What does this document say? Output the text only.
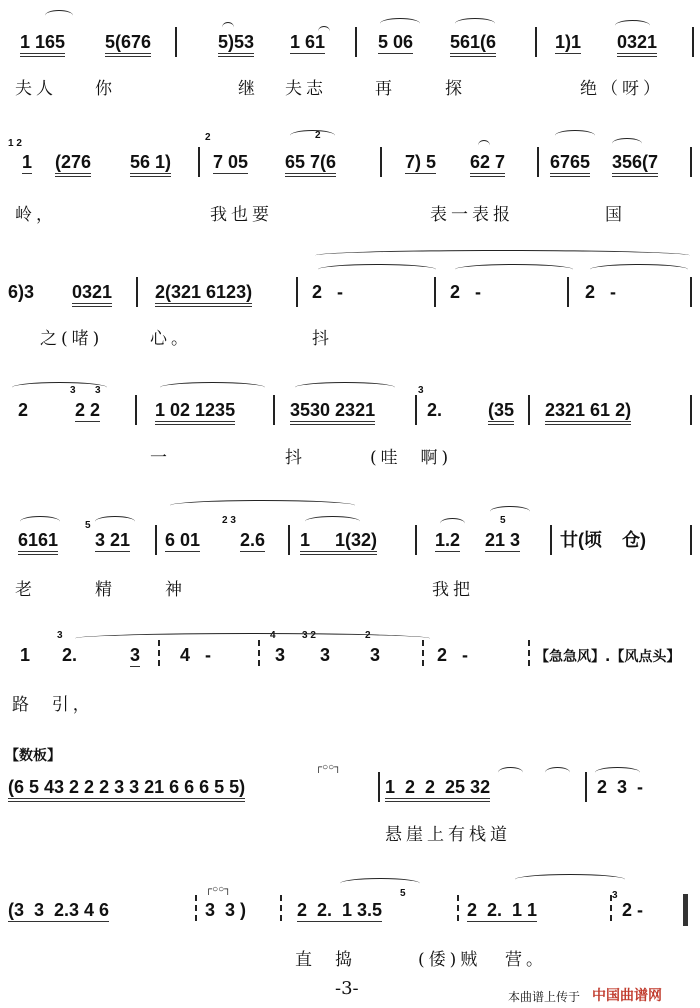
1 165 5(676	5)53 1 61	5 06 561(6	1)1 0321
夫人 你	继 夫志	再	探	绝（呀）
1 (276 56 1) 7 05 65 7(6	7) 5 62 7 6765 356(7
岭，	我也要	表一表报	国
1 2
2	2
6)3 0321 2(321 6123)	2   -	2   -	2   -
之(啫)	心。	抖
2	2 2	1 02 1235	3530 2321	2.	(35 2321 61 2)
一	抖	(哇  啊)
3 3	3
6161 3 21 6 01 2.6 1     1(32)	1.2 21 3 廿(顷    仓)
老	精	神	我把
5	2 3	5
1 2.	3 4   -	3 3 3	2   -
路  引，
3	4	3 2	2
【急急风】.【风点头】
(6 5 43 2 2 2 3 3 21 6 6 6 5 5)	1  2  2  25 32	2  3  -
悬崖上有栈道
【数板】
┌○○┐
(3  3  2.3 4 6	3  3 )	2  2.  1 3.5	2  2.  1 1	2 -
直 捣	(倭)贼 营。
5	3
┌○○┐
-3-	本曲谱上传于 中国曲谱网
